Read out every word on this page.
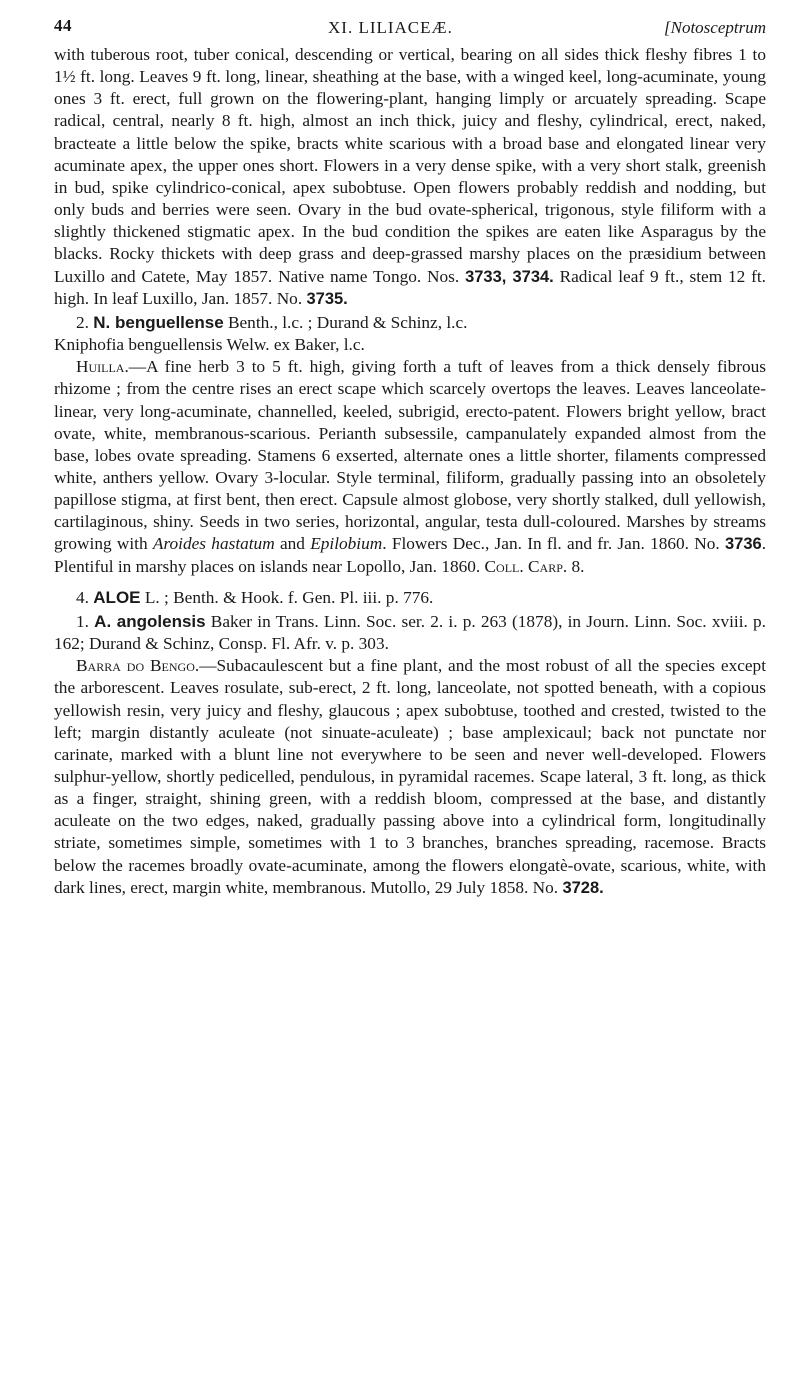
44	XI. LILIACEÆ.	[Notosceptrum

with tuberous root, tuber conical, descending or vertical, bearing on all sides thick fleshy fibres 1 to 1½ ft. long. Leaves 9 ft. long, linear, sheathing at the base, with a winged keel, long-acuminate, young ones 3 ft. erect, full grown on the flowering-plant, hanging limply or arcuately spreading. Scape radical, central, nearly 8 ft. high, almost an inch thick, juicy and fleshy, cylindrical, erect, naked, bracteate a little below the spike, bracts white scarious with a broad base and elongated linear very acuminate apex, the upper ones short. Flowers in a very dense spike, with a very short stalk, greenish in bud, spike cylindrico-conical, apex subobtuse. Open flowers probably reddish and nodding, but only buds and berries were seen. Ovary in the bud ovate-spherical, trigonous, style filiform with a slightly thickened stigmatic apex. In the bud condition the spikes are eaten like Asparagus by the blacks. Rocky thickets with deep grass and deep-grassed marshy places on the præsidium between Luxillo and Catete, May 1857. Native name Tongo. Nos. 3733, 3734. Radical leaf 9 ft., stem 12 ft. high. In leaf Luxillo, Jan. 1857. No. 3735.

2. N. benguellense Benth., l.c. ; Durand & Schinz, l.c.

Kniphofia benguellensis Welw. ex Baker, l.c.

Huilla.—A fine herb 3 to 5 ft. high, giving forth a tuft of leaves from a thick densely fibrous rhizome ; from the centre rises an erect scape which scarcely overtops the leaves. Leaves lanceolate-linear, very long-acuminate, channelled, keeled, subrigid, erecto-patent. Flowers bright yellow, bract ovate, white, membranous-scarious. Perianth subsessile, campanulately expanded almost from the base, lobes ovate spreading. Stamens 6 exserted, alternate ones a little shorter, filaments compressed white, anthers yellow. Ovary 3-locular. Style terminal, filiform, gradually passing into an obsoletely papillose stigma, at first bent, then erect. Capsule almost globose, very shortly stalked, dull yellowish, cartilaginous, shiny. Seeds in two series, horizontal, angular, testa dull-coloured. Marshes by streams growing with Aroides hastatum and Epilobium. Flowers Dec., Jan. In fl. and fr. Jan. 1860. No. 3736. Plentiful in marshy places on islands near Lopollo, Jan. 1860. Coll. Carp. 8.

4. ALOE L. ; Benth. & Hook. f. Gen. Pl. iii. p. 776.

1. A. angolensis Baker in Trans. Linn. Soc. ser. 2. i. p. 263 (1878), in Journ. Linn. Soc. xviii. p. 162; Durand & Schinz, Consp. Fl. Afr. v. p. 303.

Barra do Bengo.—Subacaulescent but a fine plant, and the most robust of all the species except the arborescent. Leaves rosulate, sub-erect, 2 ft. long, lanceolate, not spotted beneath, with a copious yellowish resin, very juicy and fleshy, glaucous ; apex subobtuse, toothed and crested, twisted to the left; margin distantly aculeate (not sinuate-aculeate) ; base amplexicaul; back not punctate nor carinate, marked with a blunt line not everywhere to be seen and never well-developed. Flowers sulphur-yellow, shortly pedicelled, pendulous, in pyramidal racemes. Scape lateral, 3 ft. long, as thick as a finger, straight, shining green, with a reddish bloom, compressed at the base, and distantly aculeate on the two edges, naked, gradually passing above into a cylindrical form, longitudinally striate, sometimes simple, sometimes with 1 to 3 branches, branches spreading, racemose. Bracts below the racemes broadly ovate-acuminate, among the flowers elongatè-ovate, scarious, white, with dark lines, erect, margin white, membranous. Mutollo, 29 July 1858. No. 3728.
